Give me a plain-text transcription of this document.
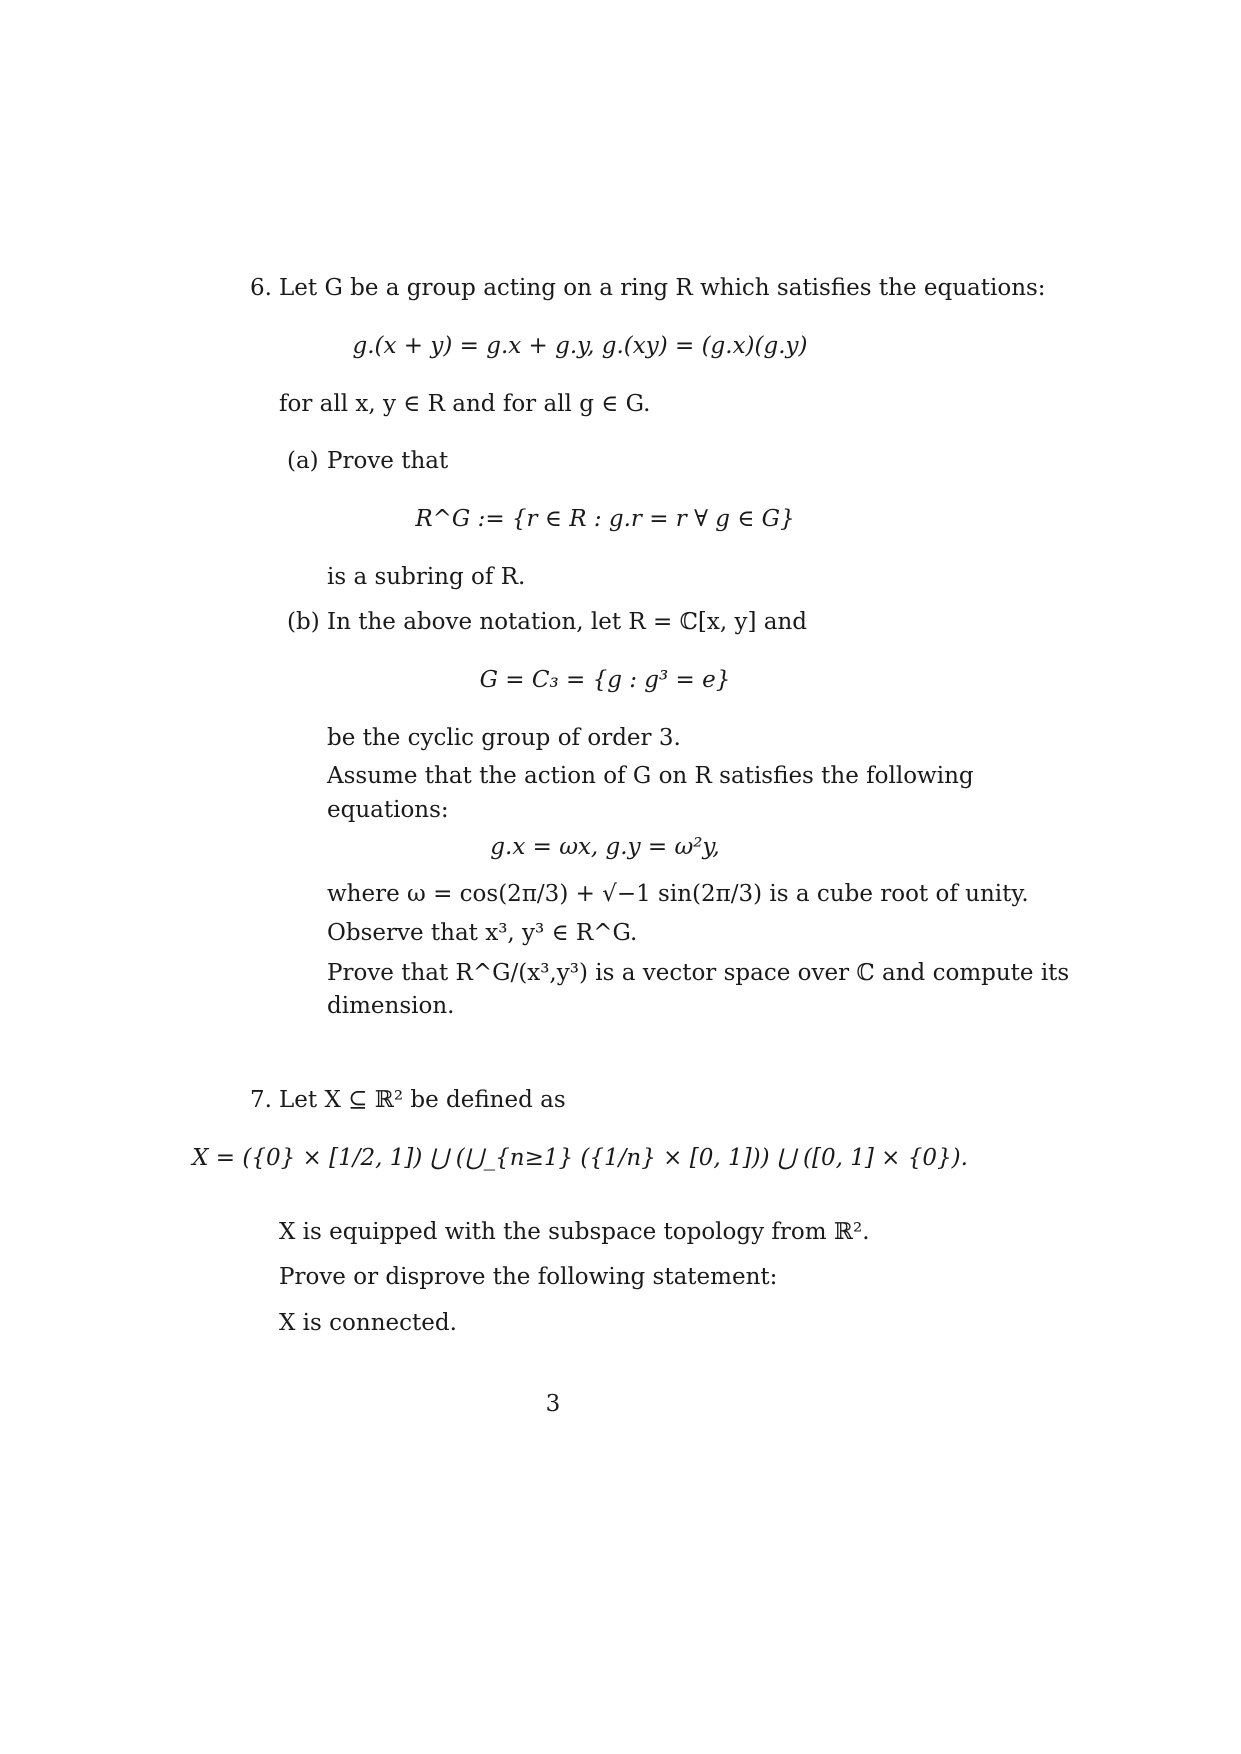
6. Let G be a group acting on a ring R which satisfies the equations:
g.(x + y) = g.x + g.y, g.(xy) = (g.x)(g.y)
for all x, y ∈ R and for all g ∈ G.
(a) Prove that
R^G := {r ∈ R : g.r = r ∀ g ∈ G}
is a subring of R.
(b) In the above notation, let R = ℂ[x, y] and
G = C₃ = {g : g³ = e}
be the cyclic group of order 3.
Assume that the action of G on R satisfies the following
equations:
g.x = ωx, g.y = ω²y,
where ω = cos(2π/3) + √−1 sin(2π/3) is a cube root of unity.
Observe that x³, y³ ∈ R^G.
Prove that R^G/(x³,y³) is a vector space over ℂ and compute its
dimension.
7. Let X ⊆ ℝ² be defined as
X = ({0} × [1/2, 1]) ⋃ (⋃_{n≥1} ({1/n} × [0, 1])) ⋃ ([0, 1] × {0}).
X is equipped with the subspace topology from ℝ².
Prove or disprove the following statement:
X is connected.
3
